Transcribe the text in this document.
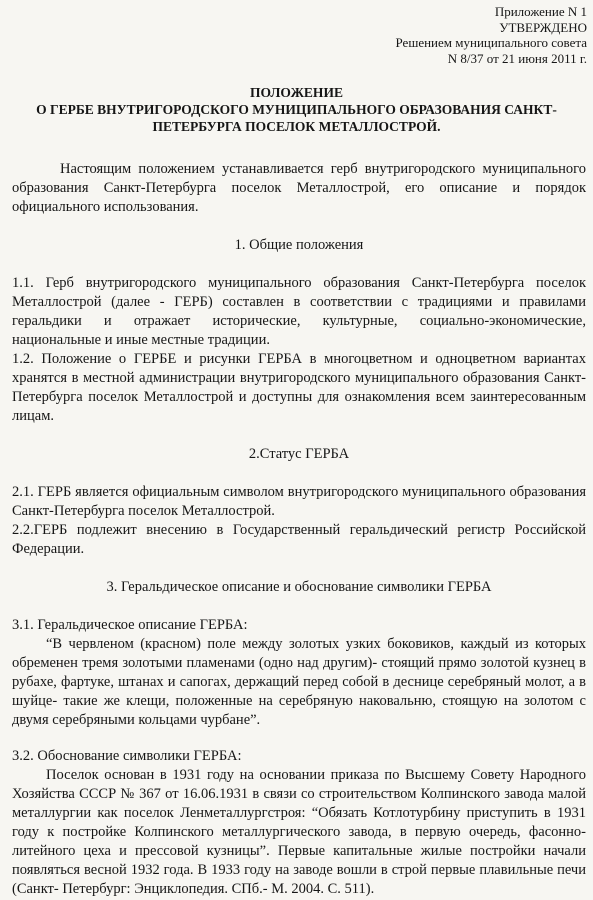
Приложение N 1
УТВЕРЖДЕНО
Решением муниципального совета
N 8/37 от 21 июня 2011 г.
ПОЛОЖЕНИЕ
О ГЕРБЕ ВНУТРИГОРОДСКОГО МУНИЦИПАЛЬНОГО ОБРАЗОВАНИЯ САНКТ-
ПЕТЕРБУРГА ПОСЕЛОК МЕТАЛЛОСТРОЙ.

Настоящим положением устанавливается герб внутригородского муниципального образования Санкт-Петербурга поселок Металлострой, его описание и порядок официального использования.

1. Общие положения

1.1. Герб внутригородского муниципального образования Санкт-Петербурга поселок Металлострой (далее - ГЕРБ) составлен в соответствии с традициями и правилами геральдики и отражает исторические, культурные, социально-экономические, национальные и иные местные традиции.

1.2. Положение о ГЕРБЕ и рисунки ГЕРБА в многоцветном и одноцветном вариантах хранятся в местной администрации внутригородского муниципального образования Санкт-Петербурга поселок Металлострой и доступны для ознакомления всем заинтересованным лицам.

2.Статус ГЕРБА

2.1. ГЕРБ является официальным символом внутригородского муниципального образования Санкт-Петербурга поселок Металлострой.

2.2.ГЕРБ подлежит внесению в Государственный геральдический регистр Российской Федерации.

3. Геральдическое описание и обоснование символики ГЕРБА

3.1. Геральдическое описание ГЕРБА:

“В червленом (красном) поле между золотых узких боковиков, каждый из которых обременен тремя золотыми пламенами (одно над другим)- стоящий прямо золотой кузнец в рубахе, фартуке, штанах и сапогах, держащий перед собой в деснице серебряный молот, а в шуйце- такие же клещи, положенные на серебряную наковальню, стоящую на золотом с двумя серебряными кольцами чурбане”.

3.2. Обоснование символики ГЕРБА:

Поселок основан в 1931 году на основании приказа по Высшему Совету Народного Хозяйства СССР № 367 от 16.06.1931 в связи со строительством Колпинского завода малой металлургии как поселок Ленметаллургстроя: “Обязать Котлотурбину приступить в 1931 году к постройке Колпинского металлургического завода, в первую очередь, фасонно- литейного цеха и прессовой кузницы”. Первые капитальные жилые постройки начали появляться весной 1932 года. В 1933 году на заводе вошли в строй первые плавильные печи (Санкт- Петербург: Энциклопедия. СПб.- М. 2004. С. 511).
